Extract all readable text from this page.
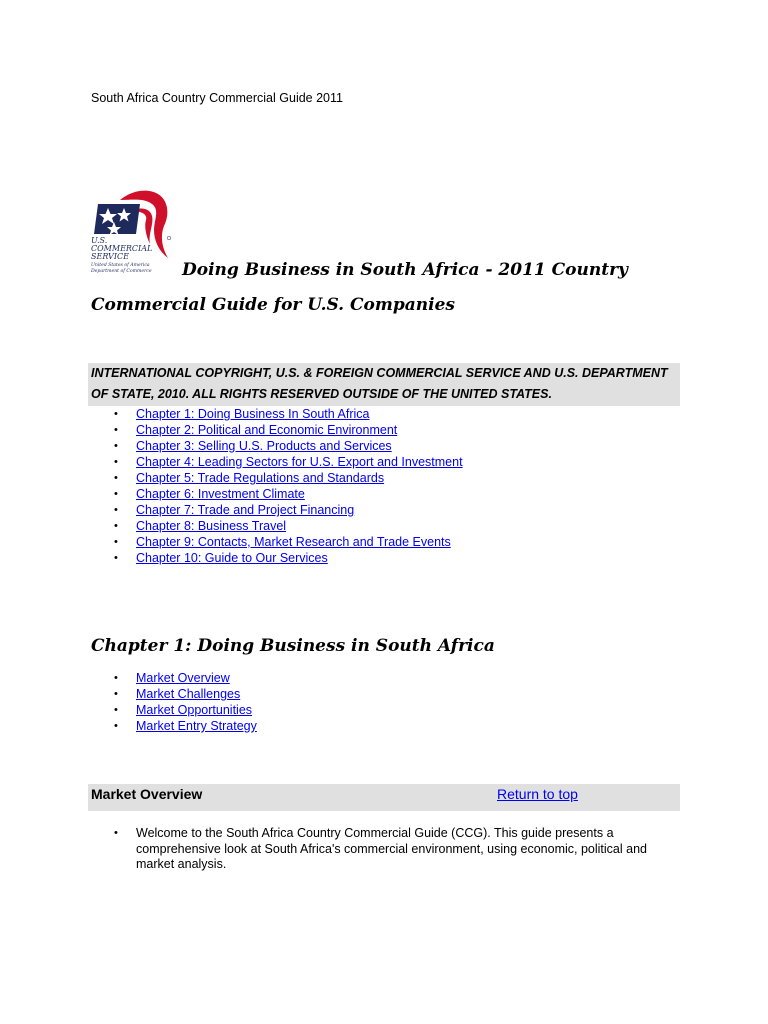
South Africa Country Commercial Guide 2011
U.S.
COMMERCIAL
SERVICE
United States of America
Department of Commerce	Doing Business in South Africa - 2011 Country
Commercial Guide for U.S. Companies
INTERNATIONAL COPYRIGHT, U.S. & FOREIGN COMMERCIAL SERVICE AND U.S. DEPARTMENT OF STATE, 2010. ALL RIGHTS RESERVED OUTSIDE OF THE UNITED STATES.
• Chapter 1: Doing Business In South Africa
• Chapter 2: Political and Economic Environment
• Chapter 3: Selling U.S. Products and Services
• Chapter 4: Leading Sectors for U.S. Export and Investment
• Chapter 5: Trade Regulations and Standards
• Chapter 6: Investment Climate
• Chapter 7: Trade and Project Financing
• Chapter 8: Business Travel
• Chapter 9: Contacts, Market Research and Trade Events
• Chapter 10: Guide to Our Services
Chapter 1: Doing Business in South Africa
• Market Overview
• Market Challenges
• Market Opportunities
• Market Entry Strategy
Market Overview	Return to top
• Welcome to the South Africa Country Commercial Guide (CCG). This guide presents a comprehensive look at South Africa's commercial environment, using economic, political and market analysis.
